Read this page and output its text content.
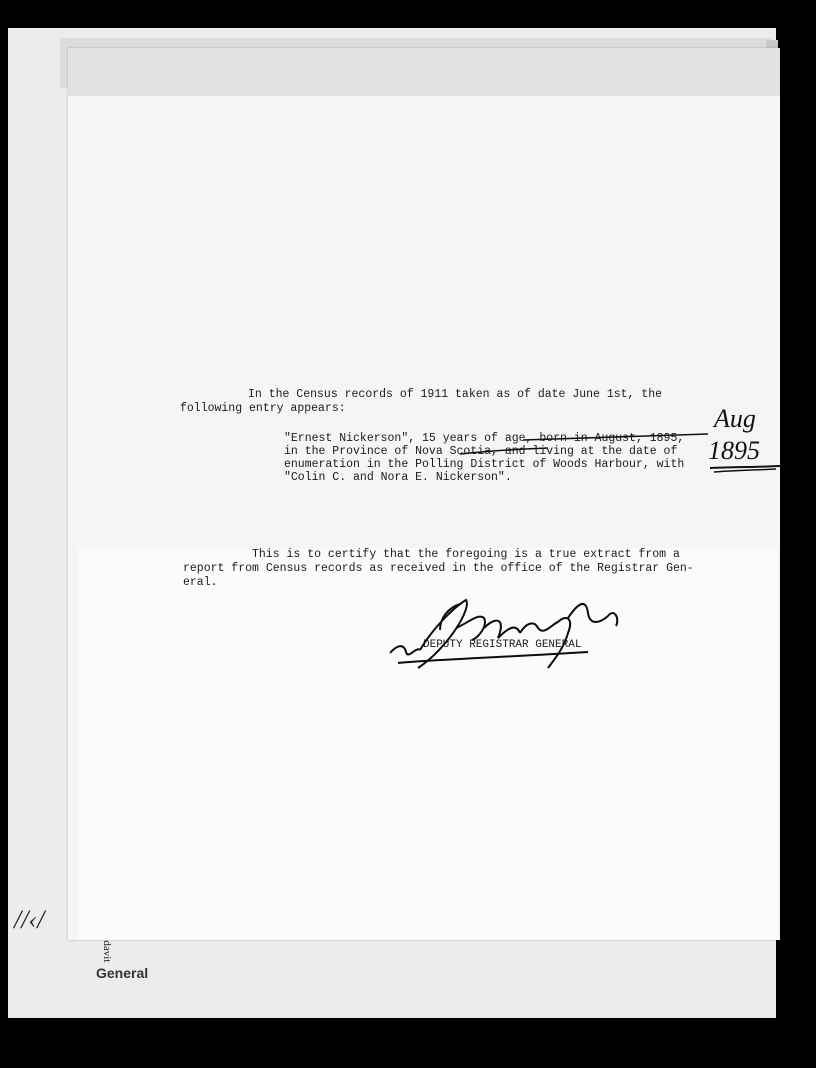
//‹/
General
In the Census records of 1911 taken as of date June 1st, the
following entry appears:
"Ernest Nickerson", 15 years of age, born in August, 1895,
in the Province of Nova Scotia, and living at the date of
enumeration in the Polling District of Woods Harbour, with
"Colin C. and Nora E. Nickerson".
This is to certify that the foregoing is a true extract from a
report from Census records as received in the office of the Registrar Gen-
eral.
DEPUTY REGISTRAR GENERAL
Aug
1895
